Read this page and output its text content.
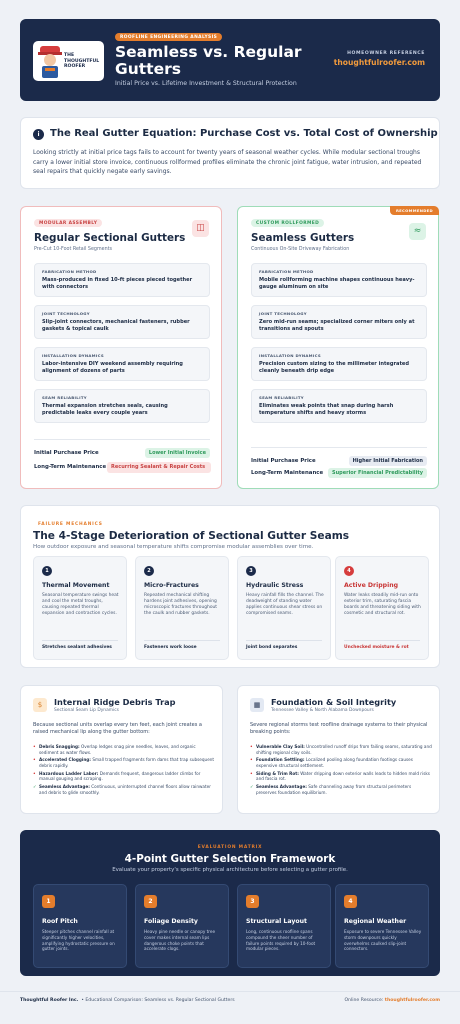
THE THOUGHTFUL ROOFER
ROOFLINE ENGINEERING ANALYSIS
Seamless vs. Regular Gutters
Initial Price vs. Lifetime Investment & Structural Protection
HOMEOWNER REFERENCE
thoughtfulroofer.com
i	The Real Gutter Equation: Purchase Cost vs. Total Cost of Ownership

Looking strictly at initial price tags fails to account for twenty years of seasonal weather cycles. While modular sectional troughs carry a lower initial store invoice, continuous rollformed profiles eliminate the chronic joint fatigue, water intrusion, and repeated seal repairs that quickly negate early savings.

MODULAR ASSEMBLY	◫
Regular Sectional Gutters
Pre-Cut 10-Foot Retail Segments
FABRICATION METHOD
Mass-produced in fixed 10-ft pieces pieced together with connectors
JOINT TECHNOLOGY
Slip-joint connectors, mechanical fasteners, rubber gaskets & topical caulk
INSTALLATION DYNAMICS
Labor-intensive DIY weekend assembly requiring alignment of dozens of parts
SEAM RELIABILITY
Thermal expansion stretches seals, causing predictable leaks every couple years
Initial Purchase Price	Lower Initial Invoice
Long-Term Maintenance Recurring Sealant & Repair Costs
RECOMMENDED
CUSTOM ROLLFORMED
≈
Seamless Gutters
Continuous On-Site Driveway Fabrication
FABRICATION METHOD
Mobile rollforming machine shapes continuous heavy-gauge aluminum on site
JOINT TECHNOLOGY
Zero mid-run seams; specialized corner miters only at transitions and spouts
INSTALLATION DYNAMICS
Precision custom sizing to the millimeter integrated cleanly beneath drip edge
SEAM RELIABILITY
Eliminates weak points that snap during harsh temperature shifts and heavy storms
Initial Purchase Price	Higher Initial Fabrication
Long-Term Maintenance	Superior Financial Predictability
FAILURE MECHANICS
The 4-Stage Deterioration of Sectional Gutter Seams
How outdoor exposure and seasonal temperature shifts compromise modular assemblies over time.
1
Thermal Movement
Seasonal temperature swings heat and cool the metal troughs, causing repeated thermal expansion and contraction cycles.
Stretches sealant adhesives
2
Micro-Fractures
Repeated mechanical shifting hardens joint adhesives, opening microscopic fractures throughout the caulk and rubber gaskets.
Fasteners work loose
3
Hydraulic Stress
Heavy rainfall fills the channel. The deadweight of standing water applies continuous shear stress on compromised seams.
Joint bond separates
4
Active Dripping
Water leaks steadily mid-run onto exterior trim, saturating fascia boards and threatening siding with cosmetic and structural rot.
Unchecked moisture & rot
$	Internal Ridge Debris Trap
Sectional Seam Lip Dynamics

Because sectional units overlap every ten feet, each joint creates a raised mechanical lip along the gutter bottom:

• Debris Snagging: Overlap ledges snag pine needles, leaves, and organic sediment as water flows.
• Accelerated Clogging: Small trapped fragments form dams that trap subsequent debris rapidly.
• Hazardous Ladder Labor: Demands frequent, dangerous ladder climbs for manual gouging and scraping.
✓ Seamless Advantage: Continuous, uninterrupted channel floors allow rainwater and debris to glide smoothly.
▦	Foundation & Soil Integrity
Tennessee Valley & North Alabama Downpours

Severe regional storms test roofline drainage systems to their physical breaking points:

• Vulnerable Clay Soil: Uncontrolled runoff drips from failing seams, saturating and shifting regional clay soils.
• Foundation Settling: Localized pooling along foundation footings causes expensive structural settlement.
• Siding & Trim Rot: Water dripping down exterior walls leads to hidden mold risks and fascia rot.
✓ Seamless Advantage: Safe channeling away from structural perimeters preserves foundation equilibrium.
EVALUATION MATRIX
4-Point Gutter Selection Framework
Evaluate your property's specific physical architecture before selecting a gutter profile.
1
Roof Pitch
Steeper pitches channel rainfall at significantly higher velocities, amplifying hydrostatic pressure on gutter joints.
2
Foliage Density
Heavy pine needle or canopy tree cover makes internal seam lips dangerous choke points that accelerate clogs.
3
Structural Layout
Long, continuous roofline spans compound the sheer number of failure points required by 10-foot modular pieces.
4
Regional Weather
Exposure to severe Tennessee Valley storm downpours quickly overwhelms caulked slip-joint connectors.
Thoughtful Roofer Inc. • Educational Comparison: Seamless vs. Regular Sectional Gutters	Online Resource: thoughtfulroofer.com
